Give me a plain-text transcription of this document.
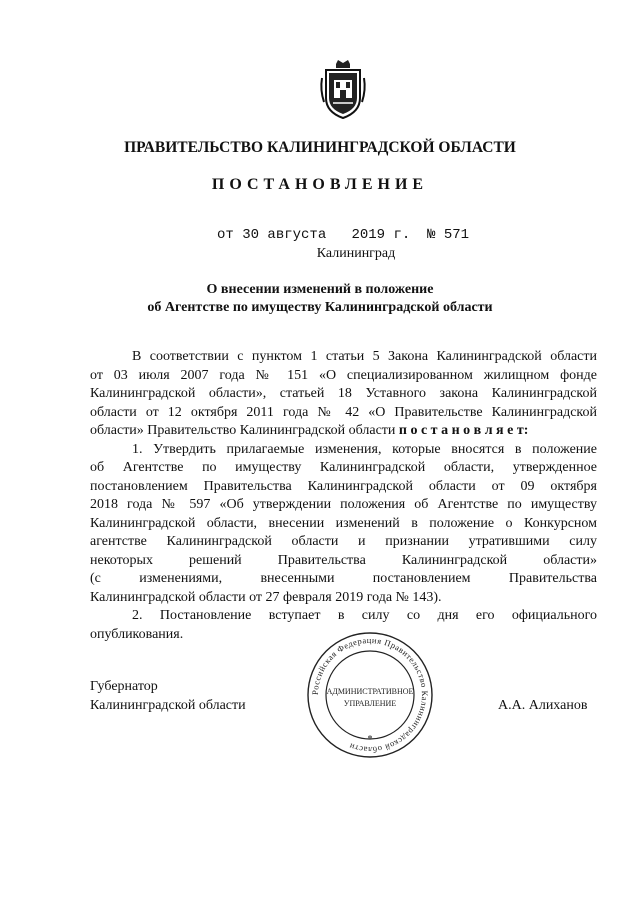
ПРАВИТЕЛЬСТВО КАЛИНИНГРАДСКОЙ ОБЛАСТИ
ПОСТАНОВЛЕНИЕ
от 30 августа 2019 г. № 571
Калининград
О внесении изменений в положение
об Агентстве по имуществу Калининградской области
В соответствии с пунктом 1 статьи 5 Закона Калининградской области
от 03 июля 2007 года № 151 «О специализированном жилищном фонде
Калининградской области», статьей 18 Уставного закона Калининградской
области от 12 октября 2011 года № 42 «О Правительстве Калининградской
области» Правительство Калининградской области п о с т а н о в л я е т:
1. Утвердить прилагаемые изменения, которые вносятся в положение
об Агентстве по имуществу Калининградской области, утвержденное
постановлением Правительства Калининградской области от 09 октября
2018 года № 597 «Об утверждении положения об Агентстве по имуществу
Калининградской области, внесении изменений в положение о Конкурсном
агентстве Калининградской области и признании утратившими силу
некоторых решений Правительства Калининградской области»
(с изменениями, внесенными постановлением Правительства
Калининградской области от 27 февраля 2019 года № 143).
2. Постановление вступает в силу со дня его официального
опубликования.
Губернатор
Калининградской области	А.А. Алиханов
Российская Федерация Правительство Калининградской области
АДМИНИСТРАТИВНОЕ
УПРАВЛЕНИЕ
*
